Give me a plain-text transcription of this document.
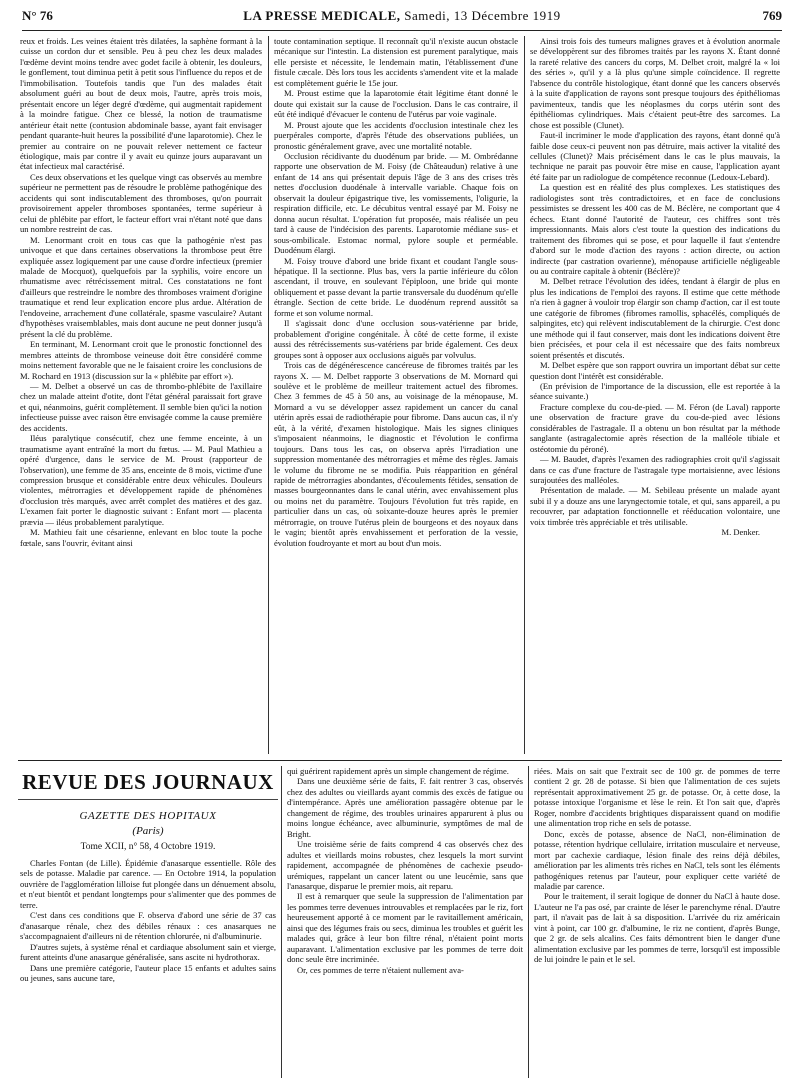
N° 76	LA PRESSE MEDICALE, Samedi, 13 Décembre 1919	769

reux et froids. Les veines étaient très dilatées, la saphène formant à la cuisse un cordon dur et sensible. Peu à peu chez les deux malades l'œdème devint moins tendre avec godet facile à obtenir, les douleurs, le gonflement, tout diminua petit à petit sous l'influence du repos et de l'immobilisation. Toutefois tandis que l'un des malades était absolument guéri au bout de deux mois, l'autre, après trois mois, présentait encore un léger degré d'œdème, qui augmentait rapidement à la moindre fatigue. Chez ce blessé, la notion de traumatisme antérieur était nette (contusion abdominale basse, ayant fait envisager pendant quarante-huit heures la possibilité d'une laparotomie). Chez le premier au contraire on ne pouvait relever nettement ce facteur étiologique, mais par contre il y avait eu quinze jours auparavant un état infectieux mal caractérisé.

Ces deux observations et les quelque vingt cas observés au membre supérieur ne permettent pas de résoudre le problème pathogénique des accidents qui sont indiscutablement des thromboses, qu'on pourrait provisoirement appeler thromboses spontanées, terme supérieur à celui de phlébite par effort, le facteur effort vrai n'étant noté que dans un nombre restreint de cas.

M. Lenormant croit en tous cas que la pathogénie n'est pas univoque et que dans certaines observations la thrombose peut être expliquée assez logiquement par une cause d'ordre infectieux (premier malade de Mocquot), quelquefois par la syphilis, voire encore un rhumatisme avec rétrécissement mitral. Ces constatations ne font d'ailleurs que restreindre le nombre des thromboses vraiment d'origine traumatique et rend leur explication encore plus ardue. Altération de l'endoveine, arrachement d'une collatérale, spasme vasculaire? Autant d'hypothèses vraisemblables, mais dont aucune ne peut donner jusqu'à présent la clé du problème.

En terminant, M. Lenormant croit que le pronostic fonctionnel des membres atteints de thrombose veineuse doit être considéré comme moins nettement favorable que ne le faisaient croire les conclusions de M. Rochard en 1913 (discussion sur la « phlébite par effort »).

— M. Delbet a observé un cas de thrombo-phlébite de l'axillaire chez un malade atteint d'otite, dont l'état général paraissait fort grave et qui, néanmoins, guérit complètement. Il semble bien qu'ici la notion infectieuse puisse avec raison être envisagée comme la cause première des accidents.

Iléus paralytique consécutif, chez une femme enceinte, à un traumatisme ayant entraîné la mort du fœtus. — M. Paul Mathieu a opéré d'urgence, dans le service de M. Proust (rapporteur de l'observation), une femme de 35 ans, enceinte de 8 mois, victime d'une compression brusque et considérable entre deux véhicules. Douleurs violentes, métrorragies et développement rapide de phénomènes d'occlusion très marqués, avec arrêt complet des matières et des gaz. L'examen fait porter le diagnostic suivant : Enfant mort — placenta prævia — iléus probablement paralytique.

M. Mathieu fait une césarienne, enlevant en bloc toute la poche fœtale, sans l'ouvrir, évitant ainsi

toute contamination septique. Il reconnaît qu'il n'existe aucun obstacle mécanique sur l'intestin. La distension est purement paralytique, mais elle persiste et nécessite, le lendemain matin, l'établissement d'une fistule cæcale. Dès lors tous les accidents s'amendent vite et la malade est complètement guérie le 15e jour.

M. Proust estime que la laparotomie était légitime étant donné le doute qui existait sur la cause de l'occlusion. Dans le cas contraire, il eût été indiqué d'évacuer le contenu de l'utérus par voie vaginale.

M. Proust ajoute que les accidents d'occlusion intestinale chez les puerpérales comporte, d'après l'étude des observations publiées, un pronostic généralement grave, avec une mortalité notable.

Occlusion récidivante du duodénum par bride. — M. Ombrédanne rapporte une observation de M. Foisy (de Châteaudun) relative à une enfant de 14 ans qui présentait depuis l'âge de 3 ans des crises très nettes d'occlusion duodénale à intervalle variable. Chaque fois on observait la douleur épigastrique tive, les vomissements, l'oligurie, la respiration difficile, etc. Le décubitus ventral essayé par M. Foisy ne donna aucun résultat. L'opération fut proposée, mais réalisée un peu tard à cause de l'indécision des parents. Laparotomie médiane sus- et sous-ombilicale. Estomac normal, pylore souple et perméable. Duodénum élargi.

M. Foisy trouve d'abord une bride fixant et coudant l'angle sous-hépatique. Il la sectionne. Plus bas, vers la partie inférieure du côlon ascendant, il trouve, en soulevant l'épiploon, une bride qui monte obliquement et passe devant la partie transversale du duodénum qu'elle étrangle. Section de cette bride. Le duodénum reprend aussitôt sa forme et son volume normal.

Il s'agissait donc d'une occlusion sous-vatérienne par bride, probablement d'origine congénitale. À côté de cette forme, il existe aussi des rétrécissements sus-vatériens par bride également. Ces deux groupes sont à opposer aux occlusions aiguës par volvulus.

Trois cas de dégénérescence cancéreuse de fibromes traités par les rayons X. — M. Delbet rapporte 3 observations de M. Mornard qui soulève et le problème de meilleur traitement actuel des fibromes. Chez 3 femmes de 45 à 50 ans, au voisinage de la ménopause, M. Mornard a vu se développer assez rapidement un cancer du canal utérin après essai de radiothérapie pour fibrome. Dans aucun cas, il n'y eût, à la vérité, d'examen histologique. Mais les signes cliniques s'imposaient néanmoins, le diagnostic et l'évolution le confirma toujours. Dans tous les cas, on observa après l'irradiation une suppression momentanée des métrorragies et même des règles. Jamais le volume du fibrome ne se modifia. Puis réapparition en général rapide de métrorragies abondantes, d'écoulements fétides, sensation de masses bourgeonnantes dans le canal utérin, avec envahissement plus ou moins net du paramètre. Toujours l'évolution fut très rapide, en particulier dans un cas, où soixante-douze heures après le premier métrorragie, on trouve l'utérus plein de bourgeons et des noyaux dans le vagin; bientôt après envahissement et perforation de la vessie, évolution foudroyante et mort au bout d'un mois.

Ainsi trois fois des tumeurs malignes graves et à évolution anormale se développèrent sur des fibromes traités par les rayons X. Étant donné la rareté relative des cancers du corps, M. Delbet croit, malgré la « loi des séries », qu'il y a là plus qu'une simple coïncidence. Il regrette l'absence du contrôle histologique, étant donné que les cancers observés à la suite d'application de rayons sont presque toujours des épithéliomas pavimenteux, tandis que les néoplasmes du corps utérin sont des épithéliomas cylindriques. Mais c'étaient peut-être des sarcomes. La chose est possible (Clunet).

Faut-il incriminer le mode d'application des rayons, étant donné qu'à faible dose ceux-ci peuvent non pas détruire, mais activer la vitalité des cellules (Clunet)? Mais précisément dans le cas le plus mauvais, la technique ne parait pas pouvoir être mise en cause, l'application ayant été faite par un radiologue de compétence reconnue (Ledoux-Lebard).

La question est en réalité des plus complexes. Les statistiques des radiologistes sont très contradictoires, et en face de conclusions pessimistes se dressent les 400 cas de M. Béclère, ne comportant que 4 échecs. Etant donné l'autorité de l'auteur, ces chiffres sont très impressionnants. Mais alors c'est toute la question des indications du traitement des fibromes qui se pose, et pour laquelle il faut s'entendre d'abord sur le mode d'action des rayons : action directe, ou action indirecte (par castration ovarienne), ménopause artificielle négligeable ou au contraire capitale à obtenir (Béclère)?

M. Delbet retrace l'évolution des idées, tendant à élargir de plus en plus les indications de l'emploi des rayons. Il estime que cette méthode n'a rien à gagner à vouloir trop élargir son champ d'action, car il est toute une catégorie de fibromes (fibromes ramollis, sphacélés, compliqués de salpingites, etc) qui relèvent indiscutablement de la chirurgie. C'est donc une méthode qui il faut conserver, mais dont les indications doivent être bien précisées, et pour cela il est nécessaire que des faits nombreux soient présentés et discutés.

M. Delbet espère que son rapport ouvrira un important débat sur cette question dont l'intérêt est considérable.

(En prévision de l'importance de la discussion, elle est reportée à la séance suivante.)

Fracture complexe du cou-de-pied. — M. Féron (de Laval) rapporte une observation de fracture grave du cou-de-pied avec lésions considérables de l'astragale. Il a obtenu un bon résultat par la méthode sanglante (astragalectomie après résection de la malléole tibiale et ostéotomie du péroné).

— M. Baudet, d'après l'examen des radiographies croit qu'il s'agissait dans ce cas d'une fracture de l'astragale type mortaisienne, avec lésions surajoutées des malléoles.

Présentation de malade. — M. Sebileau présente un malade ayant subi il y a douze ans une laryngectomie totale, et qui, sans appareil, a pu recouvrer, par adaptation fonctionnelle et rééducation volontaire, une voix timbrée très appréciable et très utilisable.

M. Denker.

REVUE DES JOURNAUX
GAZETTE DES HOPITAUX
(Paris)
Tome XCII, n° 58, 4 Octobre 1919.

Charles Fontan (de Lille). Épidémie d'anasarque essentielle. Rôle des sels de potasse. Maladie par carence. — En Octobre 1914, la population ouvrière de l'agglomération lilloise fut plongée dans un dénuement absolu, et n'eut bientôt et pendant longtemps pour s'alimenter que des pommes de terre.

C'est dans ces conditions que F. observa d'abord une série de 37 cas d'anasarque rénale, chez des débiles rénaux : ces anasarques ne s'accompagnaient d'ailleurs ni de rétention chlorurée, ni d'albuminurie.

D'autres sujets, à système rénal et cardiaque absolument sain et vierge, furent atteints d'une anasarque généralisée, sans ascite ni hydrothorax.

Dans une première catégorie, l'auteur place 15 enfants et adultes sains ou jeunes, sans aucune tare,

qui guérirent rapidement après un simple changement de régime.

Dans une deuxième série de faits, F. fait rentrer 3 cas, observés chez des adultes ou vieillards ayant commis des excès de fatigue ou d'intempérance. Après une amélioration passagère obtenue par le changement de régime, des troubles urinaires apparurent à plus ou moins longue échéance, avec albuminurie, symptômes de mal de Bright.

Une troisième série de faits comprend 4 cas observés chez des adultes et vieillards moins robustes, chez lesquels la mort survint rapidement, accompagnée de phénomènes de cachexie pseudo-urémiques, rappelant un cancer latent ou une leucémie, sans que l'anasarque, disparue le premier mois, ait reparu.

Il est à remarquer que seule la suppression de l'alimentation par les pommes terre devenues introuvables et remplacées par le riz, fort heureusement apporté à ce moment par le ravitaillement américain, ainsi que des légumes frais ou secs, diminua les troubles et guérit les malades qui, grâce à leur bon filtre rénal, n'étaient point morts auparavant. L'alimentation exclusive par les pommes de terre doit donc seule être incriminée.

Or, ces pommes de terre n'étaient nullement ava-

riées. Mais on sait que l'extrait sec de 100 gr. de pommes de terre contient 2 gr. 28 de potasse. Si bien que l'alimentation de ces sujets représentait approximativement 25 gr. de potasse. Or, à cette dose, la potasse intoxique l'organisme et lèse le rein. Et l'on sait que, d'après Roger, nombre d'accidents brightiques disparaissent quand on modifie une alimentation trop riche en sels de potasse.

Donc, excès de potasse, absence de NaCl, non-élimination de potasse, rétention hydrique cellulaire, irritation musculaire et nerveuse, mort par cachexie cardiaque, lésion finale des reins déjà débiles, amélioration par les aliments très riches en NaCl, tels sont les éléments pathogéniques retenus par l'auteur, pour expliquer cette variété de maladie par carence.

Pour le traitement, il serait logique de donner du NaCl à haute dose. L'auteur ne l'a pas osé, par crainte de léser le parenchyme rénal. D'autre part, il n'avait pas de lait à sa disposition. L'arrivée du riz américain vint à point, car 100 gr. d'albumine, le riz ne contient, d'après Bunge, que 2 gr. de sels alcalins. Ces faits démontrent bien le danger d'une alimentation exclusive par les pommes de terre, lorsqu'il est impossible de lui joindre le pain et le sel.
